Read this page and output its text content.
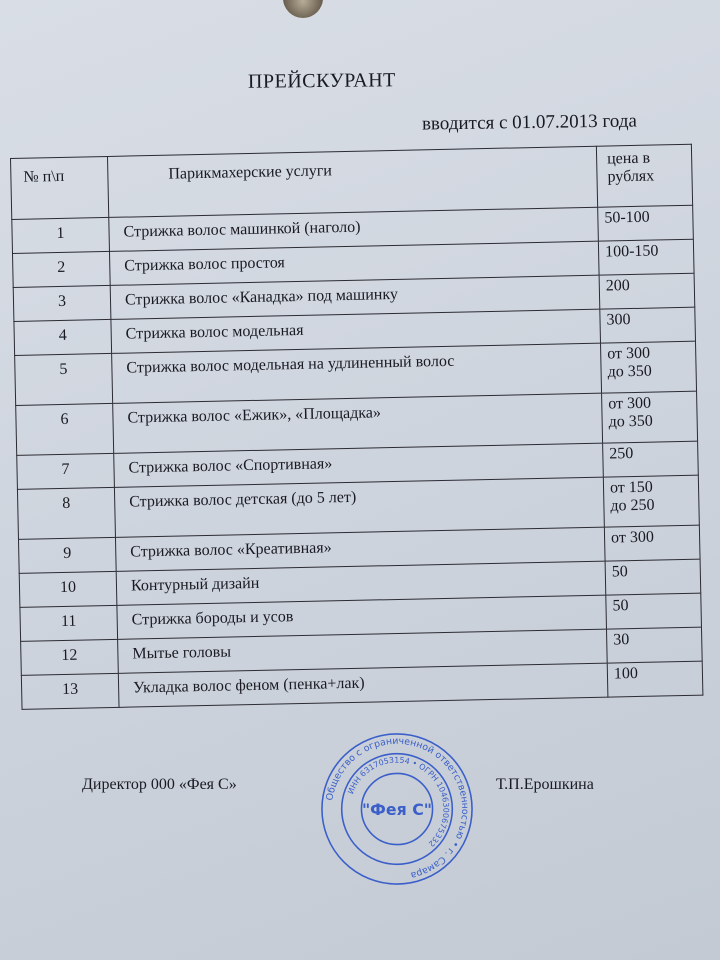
ПРЕЙСКУРАНТ
вводится с 01.07.2013 года
№ п\п	Парикмахерские услуги	цена в
рублях

1	Стрижка волос машинкой (наголо)	50-100

2	Стрижка волос простоя	100-150

3	Стрижка волос «Канадка» под машинку	200

4	Стрижка волос модельная	300

5	Стрижка волос модельная на удлиненный волос	от 300
до 350

6	Стрижка волос «Ежик», «Площадка»	от 300
до 350

7	Стрижка волос «Спортивная»	250

8	Стрижка волос детская (до 5 лет)	от 150
до 250

9	Стрижка волос «Креативная»	от 300

10	Контурный дизайн	50

11	Стрижка бороды и усов	50

12	Мытье головы	30

13	Укладка волос феном (пенка+лак)	100
Директор 000 «Фея С»	Т.П.Ерошкина
Общество с ограниченной ответственностью • г. Самара
ИНН 6317053154 • ОГРН 1046300675332
"Фея С"
